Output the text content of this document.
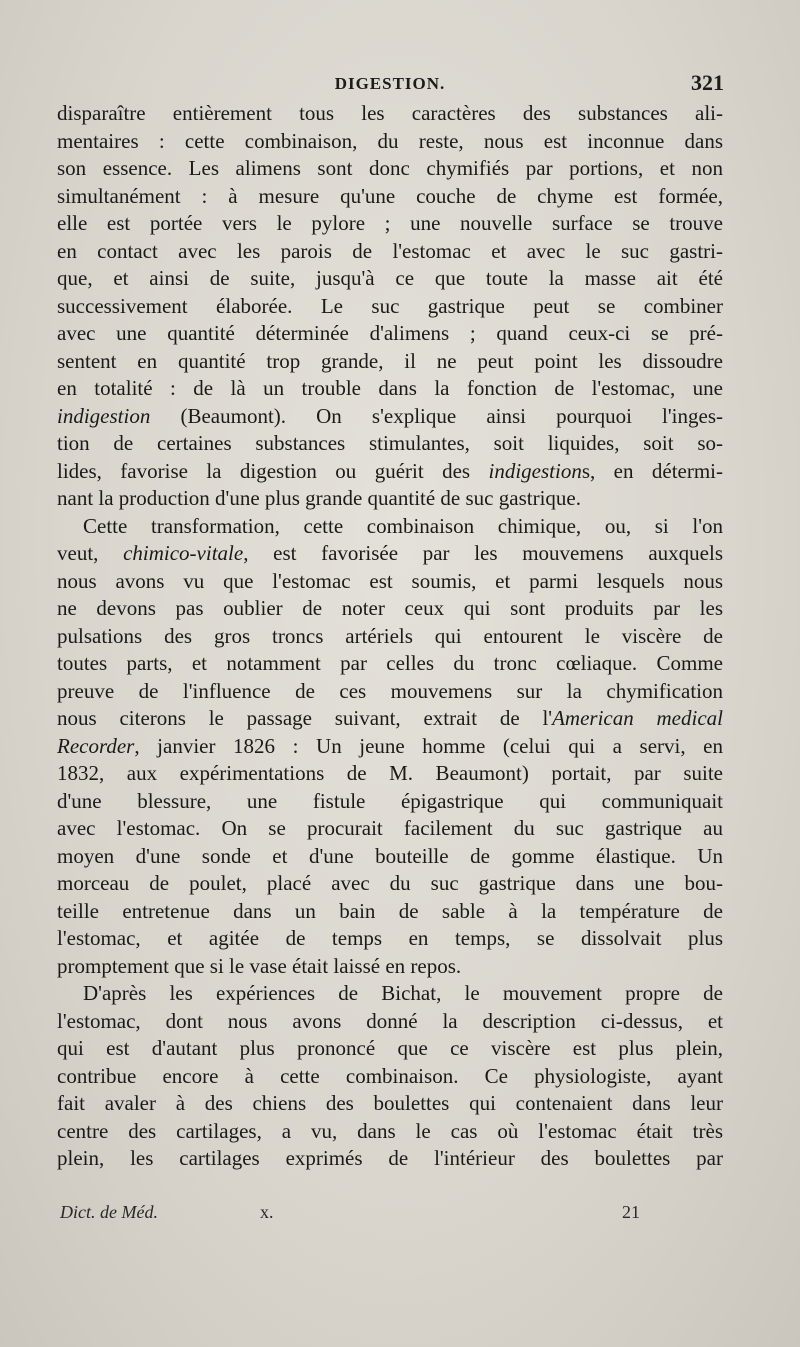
DIGESTION.	321
disparaître entièrement tous les caractères des substances ali-
mentaires : cette combinaison, du reste, nous est inconnue dans
son essence. Les alimens sont donc chymifiés par portions, et non
simultanément : à mesure qu'une couche de chyme est formée,
elle est portée vers le pylore ; une nouvelle surface se trouve
en contact avec les parois de l'estomac et avec le suc gastri-
que, et ainsi de suite, jusqu'à ce que toute la masse ait été
successivement élaborée. Le suc gastrique peut se combiner
avec une quantité déterminée d'alimens ; quand ceux-ci se pré-
sentent en quantité trop grande, il ne peut point les dissoudre
en totalité : de là un trouble dans la fonction de l'estomac, une
indigestion (Beaumont). On s'explique ainsi pourquoi l'inges-
tion de certaines substances stimulantes, soit liquides, soit so-
lides, favorise la digestion ou guérit des indigestions, en détermi-
nant la production d'une plus grande quantité de suc gastrique.
Cette transformation, cette combinaison chimique, ou, si l'on
veut, chimico-vitale, est favorisée par les mouvemens auxquels
nous avons vu que l'estomac est soumis, et parmi lesquels nous
ne devons pas oublier de noter ceux qui sont produits par les
pulsations des gros troncs artériels qui entourent le viscère de
toutes parts, et notamment par celles du tronc cœliaque. Comme
preuve de l'influence de ces mouvemens sur la chymification
nous citerons le passage suivant, extrait de l'American medical
Recorder, janvier 1826 : Un jeune homme (celui qui a servi, en
1832, aux expérimentations de M. Beaumont) portait, par suite
d'une blessure, une fistule épigastrique qui communiquait
avec l'estomac. On se procurait facilement du suc gastrique au
moyen d'une sonde et d'une bouteille de gomme élastique. Un
morceau de poulet, placé avec du suc gastrique dans une bou-
teille entretenue dans un bain de sable à la température de
l'estomac, et agitée de temps en temps, se dissolvait plus
promptement que si le vase était laissé en repos.
D'après les expériences de Bichat, le mouvement propre de
l'estomac, dont nous avons donné la description ci-dessus, et
qui est d'autant plus prononcé que ce viscère est plus plein,
contribue encore à cette combinaison. Ce physiologiste, ayant
fait avaler à des chiens des boulettes qui contenaient dans leur
centre des cartilages, a vu, dans le cas où l'estomac était très
plein, les cartilages exprimés de l'intérieur des boulettes par
Dict. de Méd.	x.	21
